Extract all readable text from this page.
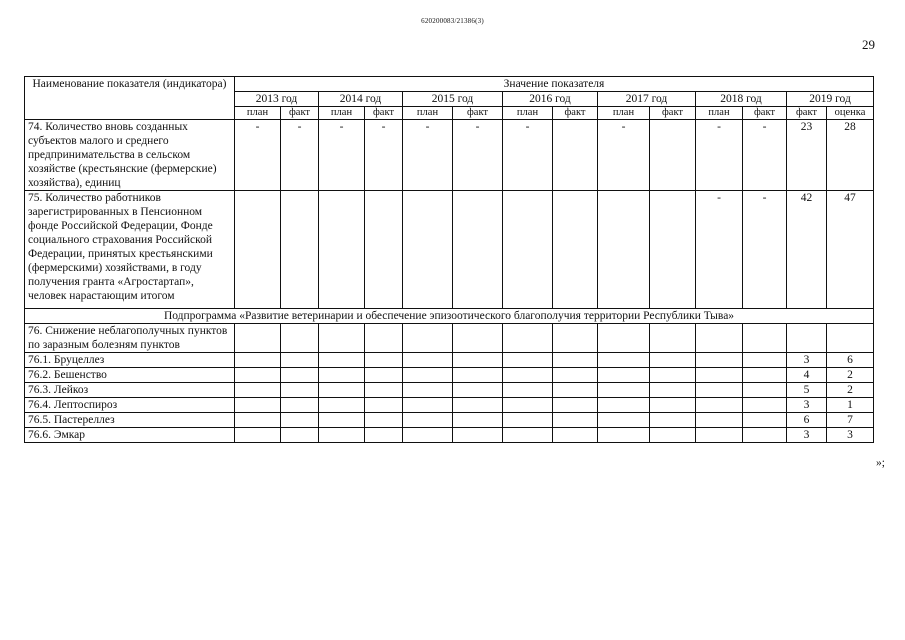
620200083/21386(3)
29
Наименование показателя (индикатора)	Значение показателя													
	2013 год		2014 год		2015 год		2016 год		2017 год		2018 год		2019 год	
	план	факт	план	факт	план	факт	план	факт	план	факт	план	факт	факт	оценка
74. Количество вновь созданных субъектов малого и среднего предпринимательства в сельском хозяйстве (крестьянские (фермерские) хозяйства), единиц	-	-	-	-	-	-	-		-		-	-	23	28
75. Количество работников зарегистрированных в Пенсионном фонде Российской Федерации, Фонде социального страхования Российской Федерации, принятых крестьянскими (фермерскими) хозяйствами, в году получения гранта «Агростартап», человек нарастающим итогом											-	-	42	47
Подпрограмма «Развитие ветеринарии и обеспечение эпизоотического благополучия территории Республики Тыва»														
76. Снижение неблагополучных пунктов по заразным болезням пунктов														
76.1. Бруцеллез													3	6
76.2. Бешенство													4	2
76.3. Лейкоз													5	2
76.4. Лептоспироз													3	1
76.5. Пастереллез													6	7
76.6. Эмкар													3	3
»;
